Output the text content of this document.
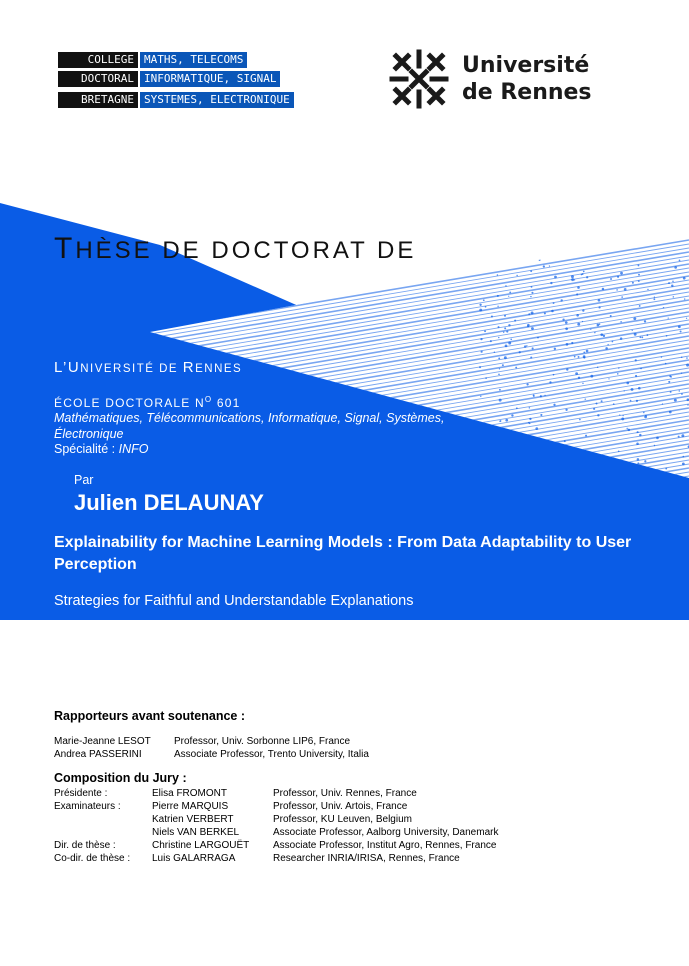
COLLEGE MATHS, TELECOMS
DOCTORAL INFORMATIQUE, SIGNAL
BRETAGNE SYSTEMES, ELECTRONIQUE
Université
de Rennes
THÈSE DE DOCTORAT DE
L’UNIVERSITÉ DE RENNES
ÉCOLE DOCTORALE $N^O$ 601
Mathématiques, Télécommunications, Informatique, Signal, Systèmes, Électronique
Spécialité : INFO
Par
Julien DELAUNAY
Explainability for Machine Learning Models : From Data Adaptability to User Perception
Strategies for Faithful and Understandable Explanations
Rapporteurs avant soutenance :
Marie-Jeanne LESOT Professor, Univ. Sorbonne LIP6, France
Andrea PASSERINI	Associate Professor, Trento University, Italia
Composition du Jury :
Présidente :	Elisa FROMONT	Professor, Univ. Rennes, France
Examinateurs :	Pierre MARQUIS	Professor, Univ. Artois, France
Katrien VERBERT	Professor, KU Leuven, Belgium
Niels VAN BERKEL	Associate Professor, Aalborg University, Danemark
Dir. de thèse :	Christine LARGOUËT Associate Professor, Institut Agro, Rennes, France
Co-dir. de thèse : Luis GALARRAGA	Researcher INRIA/IRISA, Rennes, France
